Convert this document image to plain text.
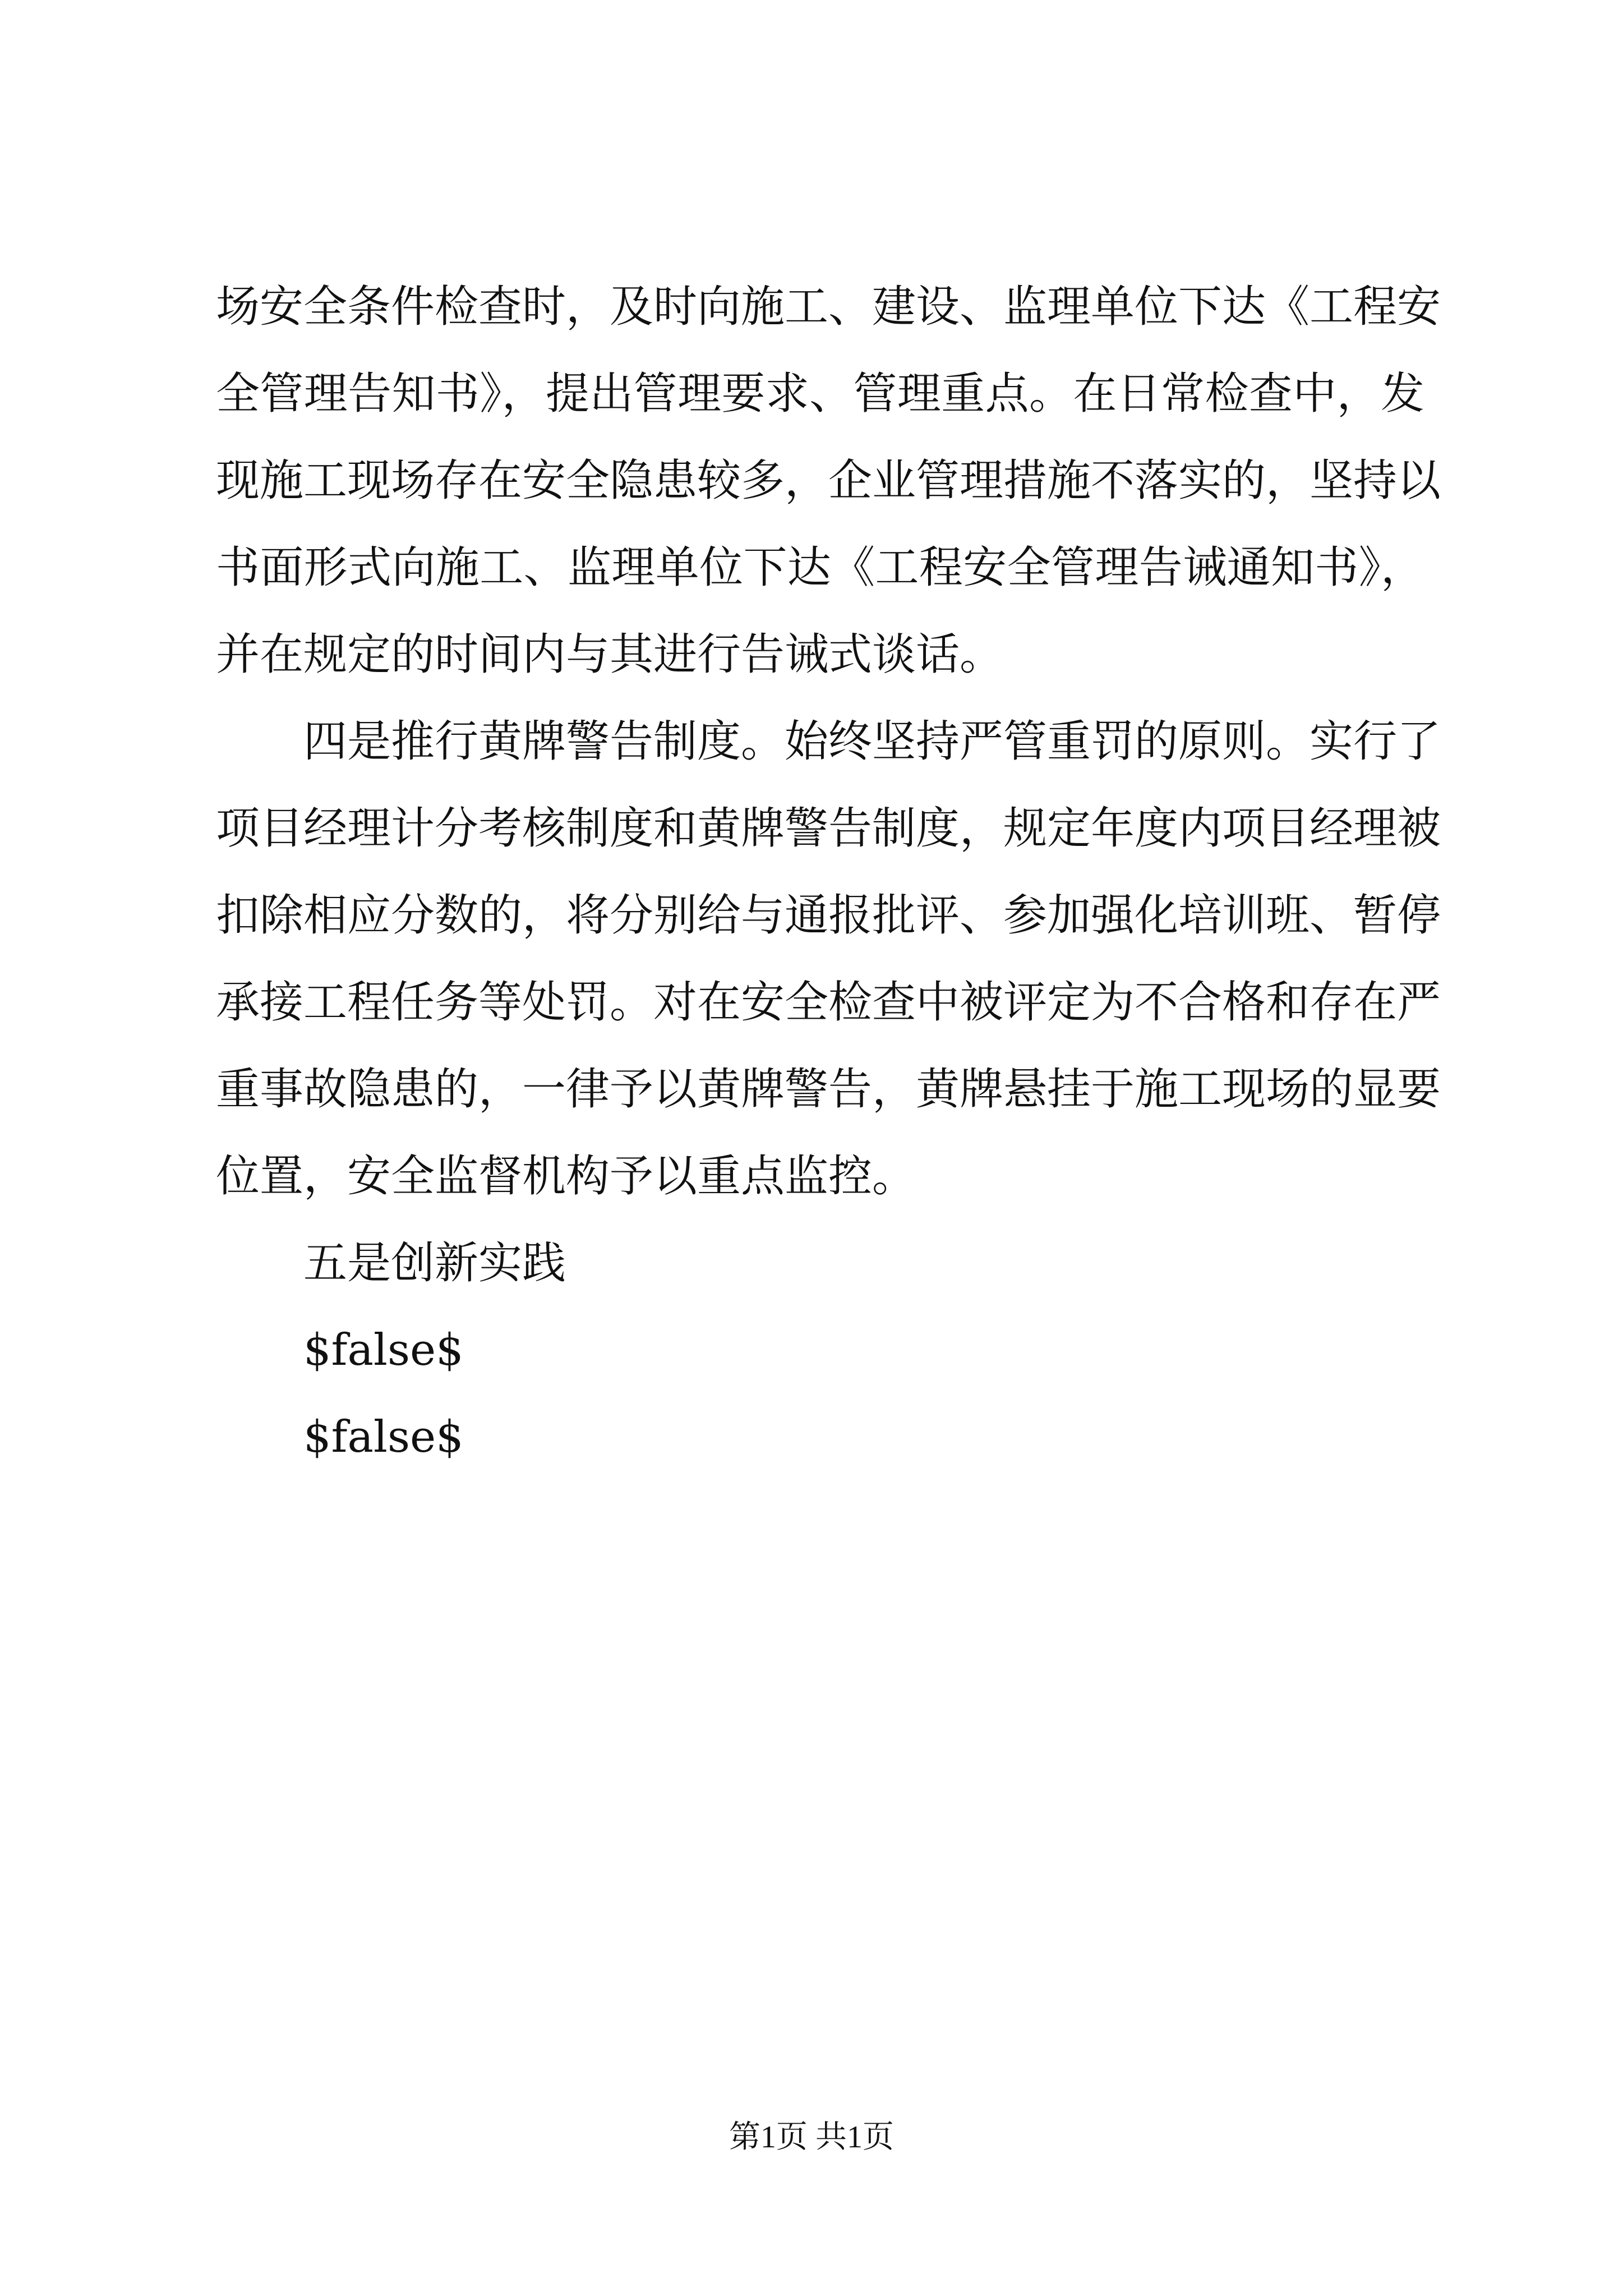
场安全条件检查时，及时向施工、建设、监理单位下达《工程安
全管理告知书》，提出管理要求、管理重点。在日常检查中，发
现施工现场存在安全隐患较多，企业管理措施不落实的，坚持以
书面形式向施工、监理单位下达《工程安全管理告诫通知书》，
并在规定的时间内与其进行告诫式谈话。
四是推行黄牌警告制度。始终坚持严管重罚的原则。实行了
项目经理计分考核制度和黄牌警告制度，规定年度内项目经理被
扣除相应分数的，将分别给与通报批评、参加强化培训班、暂停
承接工程任务等处罚。对在安全检查中被评定为不合格和存在严
重事故隐患的，一律予以黄牌警告，黄牌悬挂于施工现场的显要
位置，安全监督机构予以重点监控。
五是创新实践
$false$
$false$
第1页 共1页
